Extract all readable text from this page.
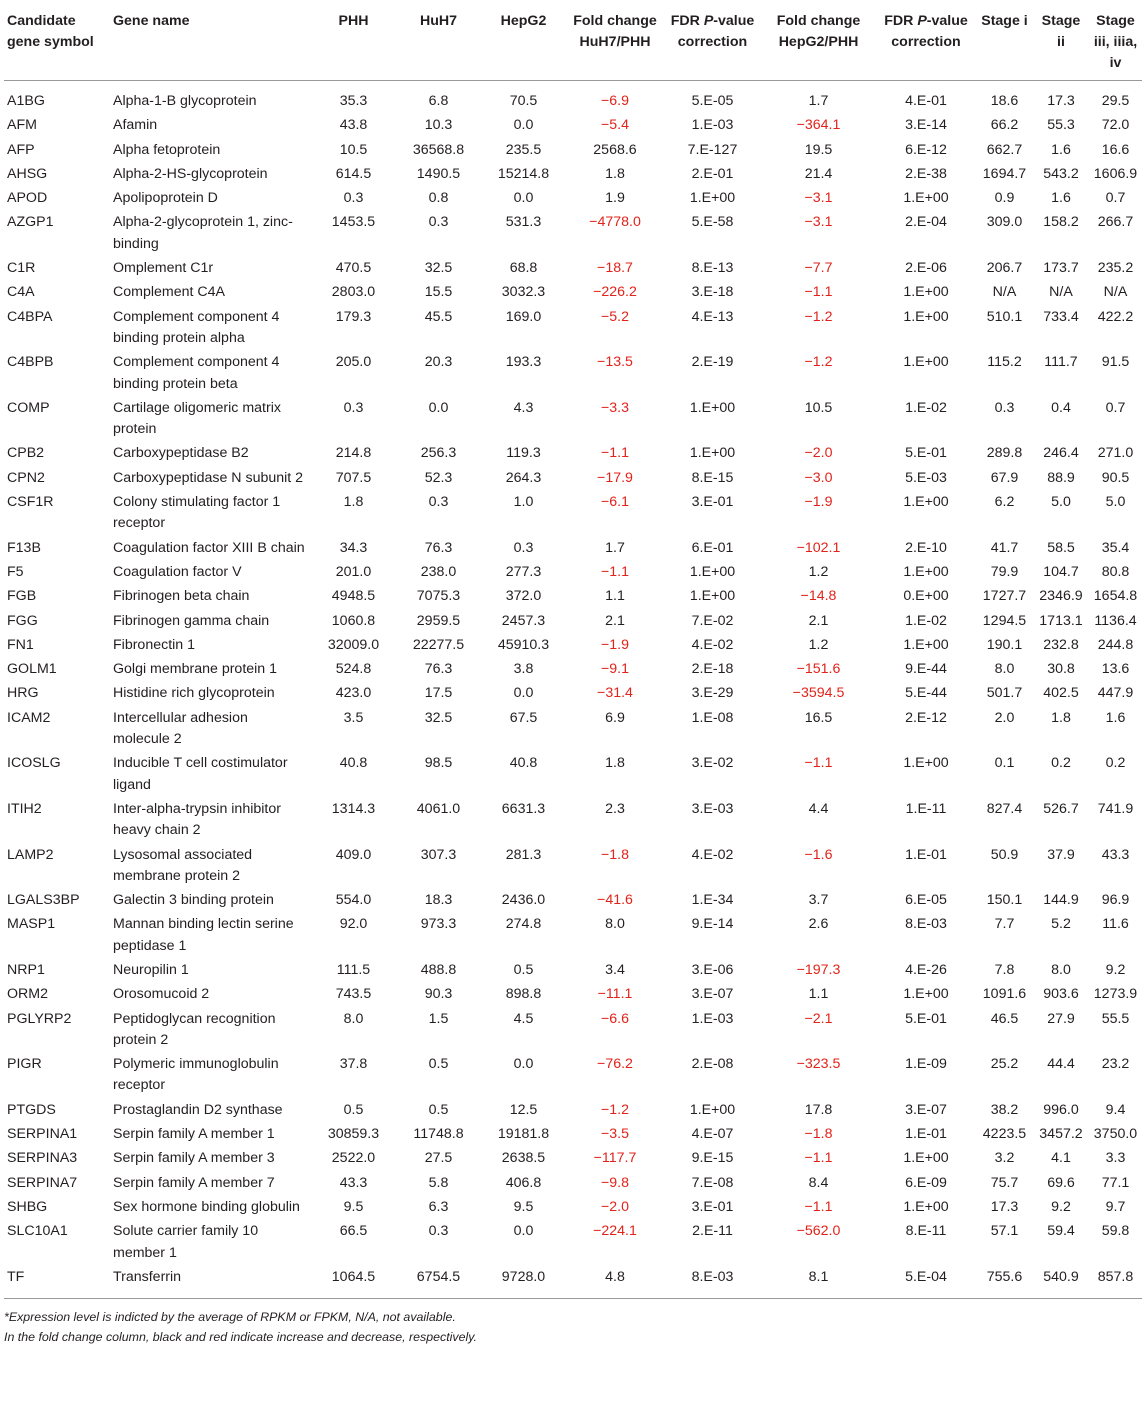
Candidate gene symbol	Gene name	PHH	HuH7	HepG2	Fold change HuH7/PHH	FDR P-value correction	Fold change HepG2/PHH	FDR P-value correction	Stage i	Stage ii	Stage iii, iiia, iv
A1BG	Alpha-1-B glycoprotein	35.3	6.8	70.5	−6.9	5.E-05	1.7	4.E-01	18.6	17.3	29.5
AFM	Afamin	43.8	10.3	0.0	−5.4	1.E-03	−364.1	3.E-14	66.2	55.3	72.0
AFP	Alpha fetoprotein	10.5	36568.8	235.5	2568.6	7.E-127	19.5	6.E-12	662.7	1.6	16.6
AHSG	Alpha-2-HS-glycoprotein	614.5	1490.5	15214.8	1.8	2.E-01	21.4	2.E-38	1694.7	543.2	1606.9
APOD	Apolipoprotein D	0.3	0.8	0.0	1.9	1.E+00	−3.1	1.E+00	0.9	1.6	0.7
AZGP1	Alpha-2-glycoprotein 1, zinc-binding	1453.5	0.3	531.3	−4778.0	5.E-58	−3.1	2.E-04	309.0	158.2	266.7
C1R	Omplement C1r	470.5	32.5	68.8	−18.7	8.E-13	−7.7	2.E-06	206.7	173.7	235.2
C4A	Complement C4A	2803.0	15.5	3032.3	−226.2	3.E-18	−1.1	1.E+00	N/A	N/A	N/A
C4BPA	Complement component 4 binding protein alpha	179.3	45.5	169.0	−5.2	4.E-13	−1.2	1.E+00	510.1	733.4	422.2
C4BPB	Complement component 4 binding protein beta	205.0	20.3	193.3	−13.5	2.E-19	−1.2	1.E+00	115.2	111.7	91.5
COMP	Cartilage oligomeric matrix protein	0.3	0.0	4.3	−3.3	1.E+00	10.5	1.E-02	0.3	0.4	0.7
CPB2	Carboxypeptidase B2	214.8	256.3	119.3	−1.1	1.E+00	−2.0	5.E-01	289.8	246.4	271.0
CPN2	Carboxypeptidase N subunit 2	707.5	52.3	264.3	−17.9	8.E-15	−3.0	5.E-03	67.9	88.9	90.5
CSF1R	Colony stimulating factor 1 receptor	1.8	0.3	1.0	−6.1	3.E-01	−1.9	1.E+00	6.2	5.0	5.0
F13B	Coagulation factor XIII B chain	34.3	76.3	0.3	1.7	6.E-01	−102.1	2.E-10	41.7	58.5	35.4
F5	Coagulation factor V	201.0	238.0	277.3	−1.1	1.E+00	1.2	1.E+00	79.9	104.7	80.8
FGB	Fibrinogen beta chain	4948.5	7075.3	372.0	1.1	1.E+00	−14.8	0.E+00	1727.7	2346.9	1654.8
FGG	Fibrinogen gamma chain	1060.8	2959.5	2457.3	2.1	7.E-02	2.1	1.E-02	1294.5	1713.1	1136.4
FN1	Fibronectin 1	32009.0	22277.5	45910.3	−1.9	4.E-02	1.2	1.E+00	190.1	232.8	244.8
GOLM1	Golgi membrane protein 1	524.8	76.3	3.8	−9.1	2.E-18	−151.6	9.E-44	8.0	30.8	13.6
HRG	Histidine rich glycoprotein	423.0	17.5	0.0	−31.4	3.E-29	−3594.5	5.E-44	501.7	402.5	447.9
ICAM2	Intercellular adhesion molecule 2	3.5	32.5	67.5	6.9	1.E-08	16.5	2.E-12	2.0	1.8	1.6
ICOSLG	Inducible T cell costimulator ligand	40.8	98.5	40.8	1.8	3.E-02	−1.1	1.E+00	0.1	0.2	0.2
ITIH2	Inter-alpha-trypsin inhibitor heavy chain 2	1314.3	4061.0	6631.3	2.3	3.E-03	4.4	1.E-11	827.4	526.7	741.9
LAMP2	Lysosomal associated membrane protein 2	409.0	307.3	281.3	−1.8	4.E-02	−1.6	1.E-01	50.9	37.9	43.3
LGALS3BP	Galectin 3 binding protein	554.0	18.3	2436.0	−41.6	1.E-34	3.7	6.E-05	150.1	144.9	96.9
MASP1	Mannan binding lectin serine peptidase 1	92.0	973.3	274.8	8.0	9.E-14	2.6	8.E-03	7.7	5.2	11.6
NRP1	Neuropilin 1	111.5	488.8	0.5	3.4	3.E-06	−197.3	4.E-26	7.8	8.0	9.2
ORM2	Orosomucoid 2	743.5	90.3	898.8	−11.1	3.E-07	1.1	1.E+00	1091.6	903.6	1273.9
PGLYRP2	Peptidoglycan recognition protein 2	8.0	1.5	4.5	−6.6	1.E-03	−2.1	5.E-01	46.5	27.9	55.5
PIGR	Polymeric immunoglobulin receptor	37.8	0.5	0.0	−76.2	2.E-08	−323.5	1.E-09	25.2	44.4	23.2
PTGDS	Prostaglandin D2 synthase	0.5	0.5	12.5	−1.2	1.E+00	17.8	3.E-07	38.2	996.0	9.4
SERPINA1	Serpin family A member 1	30859.3	11748.8	19181.8	−3.5	4.E-07	−1.8	1.E-01	4223.5	3457.2	3750.0
SERPINA3	Serpin family A member 3	2522.0	27.5	2638.5	−117.7	9.E-15	−1.1	1.E+00	3.2	4.1	3.3
SERPINA7	Serpin family A member 7	43.3	5.8	406.8	−9.8	7.E-08	8.4	6.E-09	75.7	69.6	77.1
SHBG	Sex hormone binding globulin	9.5	6.3	9.5	−2.0	3.E-01	−1.1	1.E+00	17.3	9.2	9.7
SLC10A1	Solute carrier family 10 member 1	66.5	0.3	0.0	−224.1	2.E-11	−562.0	8.E-11	57.1	59.4	59.8
TF	Transferrin	1064.5	6754.5	9728.0	4.8	8.E-03	8.1	5.E-04	755.6	540.9	857.8
*Expression level is indicted by the average of RPKM or FPKM, N/A, not available.
In the fold change column, black and red indicate increase and decrease, respectively.
